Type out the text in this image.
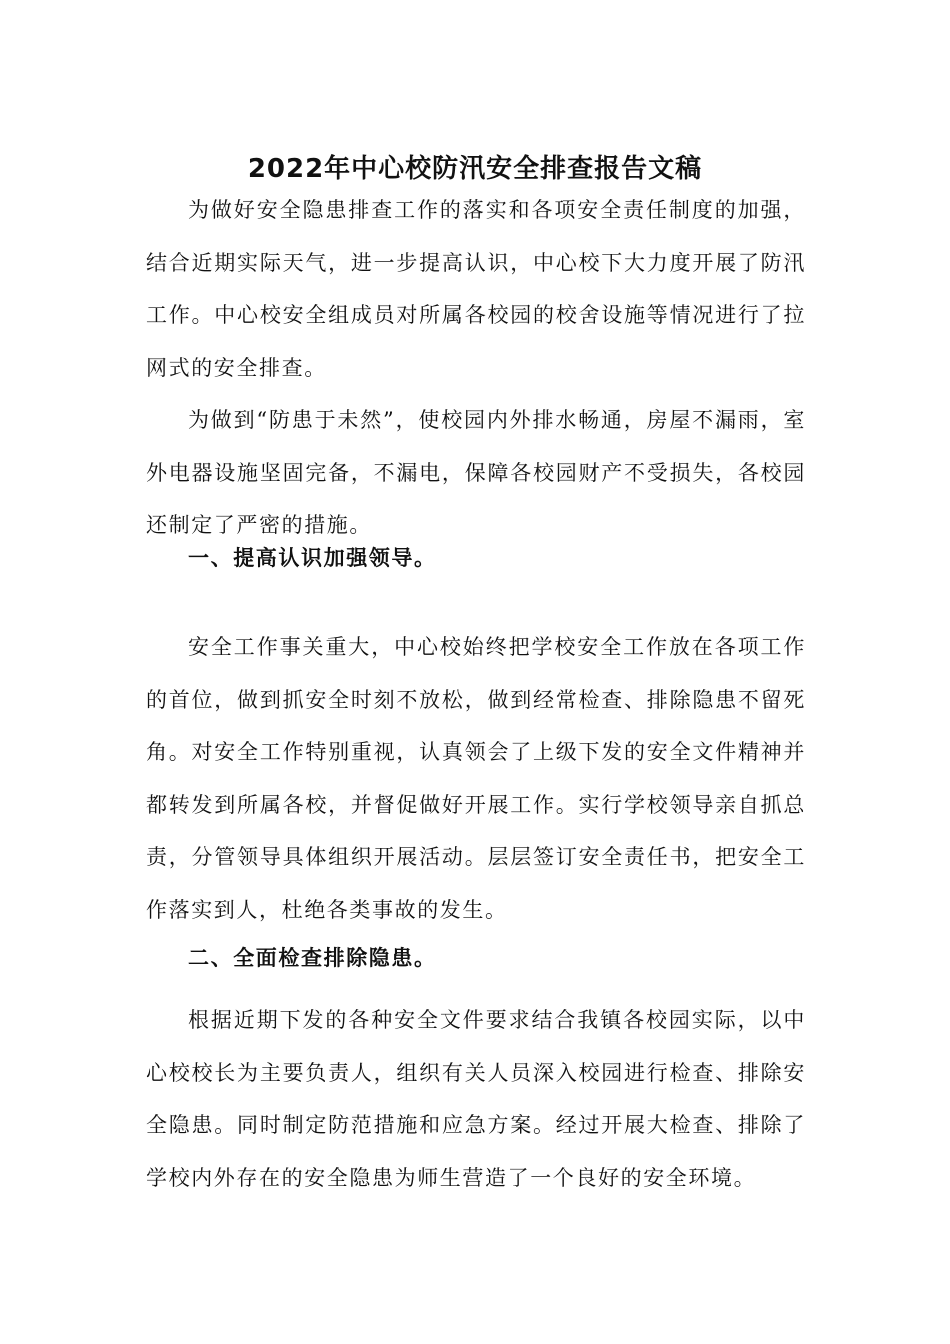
2022年中心校防汛安全排查报告文稿

为做好安全隐患排查工作的落实和各项安全责任制度的加强，结合近期实际天气，进一步提高认识，中心校下大力度开展了防汛工作。中心校安全组成员对所属各校园的校舍设施等情况进行了拉网式的安全排查。

为做到“防患于未然”，使校园内外排水畅通，房屋不漏雨，室外电器设施坚固完备，不漏电，保障各校园财产不受损失，各校园还制定了严密的措施。

一、提高认识加强领导。

安全工作事关重大，中心校始终把学校安全工作放在各项工作的首位，做到抓安全时刻不放松，做到经常检查、排除隐患不留死角。对安全工作特别重视，认真领会了上级下发的安全文件精神并都转发到所属各校，并督促做好开展工作。实行学校领导亲自抓总责，分管领导具体组织开展活动。层层签订安全责任书，把安全工作落实到人，杜绝各类事故的发生。

二、全面检查排除隐患。

根据近期下发的各种安全文件要求结合我镇各校园实际，以中心校校长为主要负责人，组织有关人员深入校园进行检查、排除安全隐患。同时制定防范措施和应急方案。经过开展大检查、排除了学校内外存在的安全隐患为师生营造了一个良好的安全环境。
